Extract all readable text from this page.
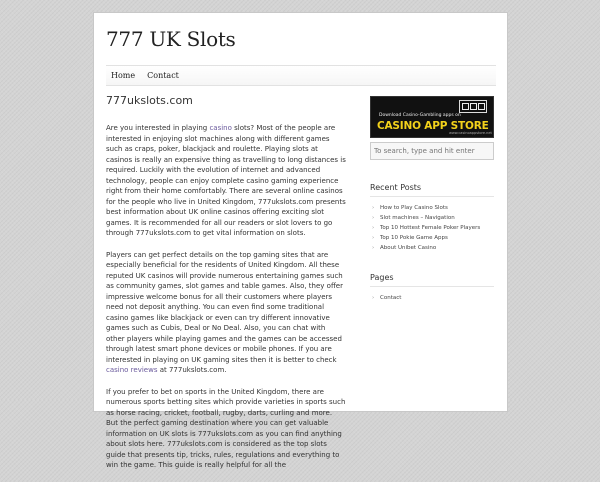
777 UK Slots
Home	Contact
777ukslots.com

Are you interested in playing casino slots? Most of the people are interested in enjoying slot machines along with different games such as craps, poker, blackjack and roulette. Playing slots at casinos is really an expensive thing as travelling to long distances is required. Luckily with the evolution of internet and advanced technology, people can enjoy complete casino gaming experience right from their home comfortably. There are several online casinos for the people who live in United Kingdom, 777ukslots.com presents best information about UK online casinos offering exciting slot games. It is recommended for all our readers or slot lovers to go through 777ukslots.com to get vital information on slots.

Players can get perfect details on the top gaming sites that are especially beneficial for the residents of United Kingdom. All these reputed UK casinos will provide numerous entertaining games such as community games, slot games and table games. Also, they offer impressive welcome bonus for all their customers where players need not deposit anything. You can even find some traditional casino games like blackjack or even can try different innovative games such as Cubis, Deal or No Deal. Also, you can chat with other players while playing games and the games can be accessed through latest smart phone devices or mobile phones. If you are interested in playing on UK gaming sites then it is better to check casino reviews at 777ukslots.com.

If you prefer to bet on sports in the United Kingdom, there are numerous sports betting sites which provide varieties in sports such as horse racing, cricket, football, rugby, darts, curling and more. But the perfect gaming destination where you can get valuable information on UK slots is 777ukslots.com as you can find anything about slots here. 777ukslots.com is considered as the top slots guide that presents tip, tricks, rules, regulations and everything to win the game. This guide is really helpful for all the

Download Casino-Gambling apps on
CASINO APP STORE
www.casinoappstore.net
To search, type and hit enter
Recent Posts
› How to Play Casino Slots
› Slot machines – Navigation
› Top 10 Hottest Female Poker Players
› Top 10 Pokie Game Apps
› About Unibet Casino
Pages
› Contact
